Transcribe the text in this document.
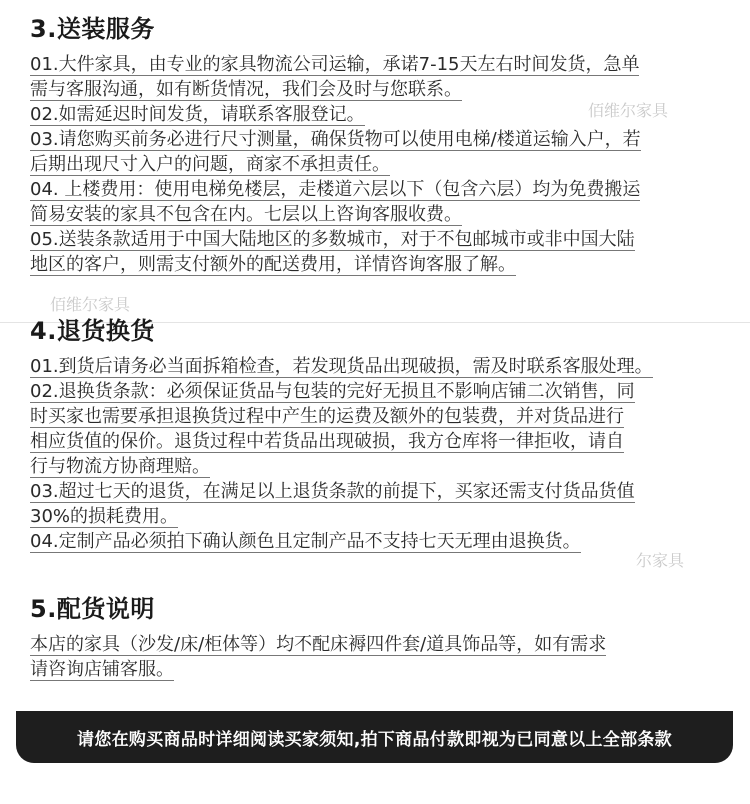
3.送装服务
01.大件家具，由专业的家具物流公司运输，承诺7-15天左右时间发货，急单
需与客服沟通，如有断货情况，我们会及时与您联系。
02.如需延迟时间发货，请联系客服登记。
03.请您购买前务必进行尺寸测量，确保货物可以使用电梯/楼道运输入户，若
后期出现尺寸入户的问题，商家不承担责任。
04. 上楼费用：使用电梯免楼层，走楼道六层以下（包含六层）均为免费搬运
简易安装的家具不包含在内。七层以上咨询客服收费。
05.送装条款适用于中国大陆地区的多数城市，对于不包邮城市或非中国大陆
地区的客户，则需支付额外的配送费用，详情咨询客服了解。
4.退货换货
01.到货后请务必当面拆箱检查，若发现货品出现破损，需及时联系客服处理。
02.退换货条款：必须保证货品与包装的完好无损且不影响店铺二次销售，同
时买家也需要承担退换货过程中产生的运费及额外的包装费，并对货品进行
相应货值的保价。退货过程中若货品出现破损，我方仓库将一律拒收，请自
行与物流方协商理赔。
03.超过七天的退货，在满足以上退货条款的前提下，买家还需支付货品货值
30%的损耗费用。
04.定制产品必须拍下确认颜色且定制产品不支持七天无理由退换货。
5.配货说明
本店的家具（沙发/床/柜体等）均不配床褥四件套/道具饰品等，如有需求
请咨询店铺客服。
佰维尔家具
佰维尔家具
尔家具
请您在购买商品时详细阅读买家须知,拍下商品付款即视为已同意以上全部条款
